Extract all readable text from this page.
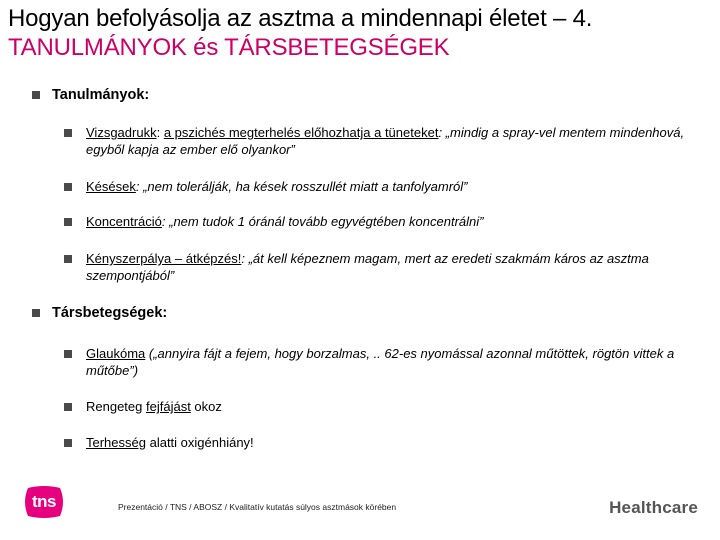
Hogyan befolyásolja az asztma a mindennapi életet – 4.
TANULMÁNYOK és TÁRSBETEGSÉGEK
Tanulmányok:
Vizsgadrukk: a pszichés megterhelés előhozhatja a tüneteket: „mindig a spray-vel mentem mindenhová, egyből kapja az ember elő olyankor”
Késések: „nem tolerálják, ha kések rosszullét miatt a tanfolyamról”
Koncentráció: „nem tudok 1 óránál tovább egyvégtében koncentrálni”
Kényszerpálya – átképzés!: „át kell képeznem magam, mert az eredeti szakmám káros az asztma szempontjából”
Társbetegségek:
Glaukóma („annyira fájt a fejem, hogy borzalmas, .. 62-es nyomással azonnal műtöttek, rögtön vittek a műtőbe”)
Rengeteg fejfájást okoz
Terhesség alatti oxigénhiány!
tns	Prezentáció / TNS / ABOSZ / Kvalitatív kutatás súlyos asztmások körében	Healthcare
